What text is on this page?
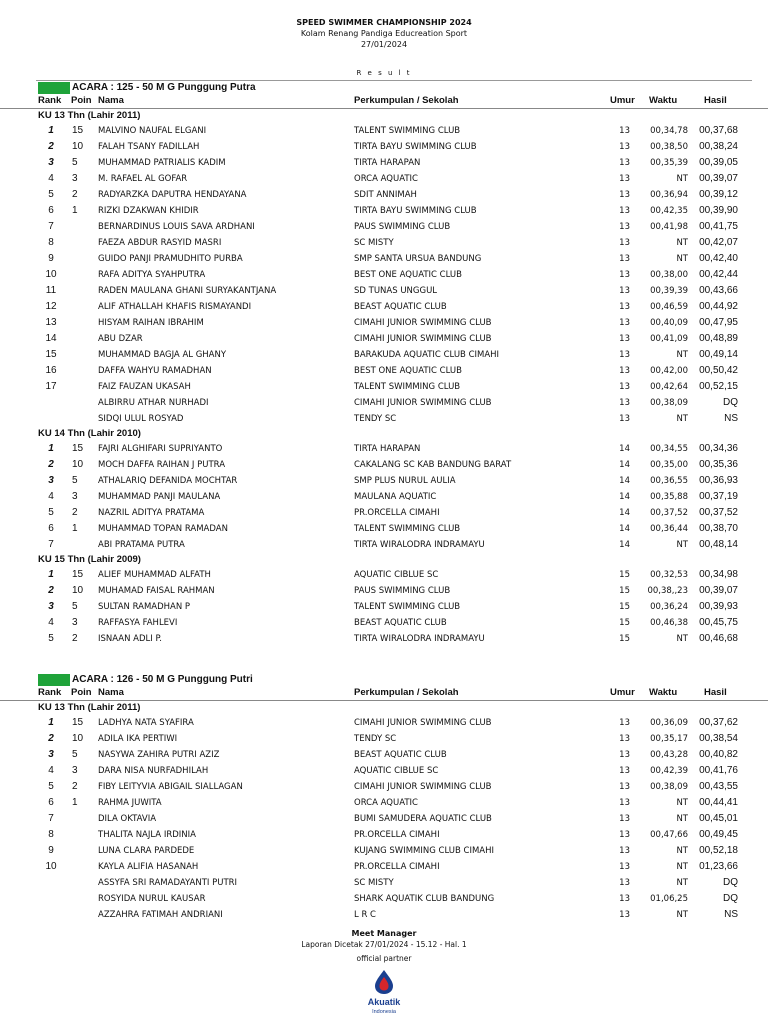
SPEED SWIMMER CHAMPIONSHIP 2024
Kolam Renang Pandiga Educreation Sport
27/01/2024
R e s u l t
ACARA : 125 - 50 M G Punggung Putra
Rank Poin Nama	Perkumpulan / Sekolah	Umur Waktu	Hasil
KU 13 Thn (Lahir 2011)
1	15	MALVINO NAUFAL ELGANI	TALENT SWIMMING CLUB	13	00,34,78	00,37,68
2	10	FALAH TSANY FADILLAH	TIRTA BAYU SWIMMING CLUB	13	00,38,50	00,38,24
3	5	MUHAMMAD PATRIALIS KADIM	TIRTA HARAPAN	13	00,35,39	00,39,05
4	3	M. RAFAEL AL GOFAR	ORCA AQUATIC	13	NT	00,39,07
5	2	RADYARZKA DAPUTRA HENDAYANA	SDIT ANNIMAH	13	00,36,94	00,39,12
6	1	RIZKI DZAKWAN KHIDIR	TIRTA BAYU SWIMMING CLUB	13	00,42,35	00,39,90
7	BERNARDINUS LOUIS SAVA ARDHANI	PAUS SWIMMING CLUB	13	00,41,98	00,41,75
8	FAEZA ABDUR RASYID MASRI	SC MISTY	13	NT	00,42,07
9	GUIDO PANJI PRAMUDHITO PURBA	SMP SANTA URSUA BANDUNG	13	NT	00,42,40
10	RAFA ADITYA SYAHPUTRA	BEST ONE AQUATIC CLUB	13	00,38,00	00,42,44
11	RADEN MAULANA GHANI SURYAKANTJANA	SD TUNAS UNGGUL	13	00,39,39	00,43,66
12	ALIF ATHALLAH KHAFIS RISMAYANDI	BEAST AQUATIC CLUB	13	00,46,59	00,44,92
13	HISYAM RAIHAN IBRAHIM	CIMAHI JUNIOR SWIMMING CLUB	13	00,40,09	00,47,95
14	ABU DZAR	CIMAHI JUNIOR SWIMMING CLUB	13	00,41,09	00,48,89
15	MUHAMMAD BAGJA AL GHANY	BARAKUDA AQUATIC CLUB CIMAHI	13	NT	00,49,14
16	DAFFA WAHYU RAMADHAN	BEST ONE AQUATIC CLUB	13	00,42,00	00,50,42
17	FAIZ FAUZAN UKASAH	TALENT SWIMMING CLUB	13	00,42,64	00,52,15
ALBIRRU ATHAR NURHADI	CIMAHI JUNIOR SWIMMING CLUB	13	00,38,09	DQ
SIDQI ULUL ROSYAD	TENDY SC	13	NT	NS
KU 14 Thn (Lahir 2010)
1	15	FAJRI ALGHIFARI SUPRIYANTO	TIRTA HARAPAN	14	00,34,55	00,34,36
2	10	MOCH DAFFA RAIHAN J PUTRA	CAKALANG SC KAB BANDUNG BARAT	14	00,35,00	00,35,36
3	5	ATHALARIQ DEFANIDA MOCHTAR	SMP PLUS NURUL AULIA	14	00,36,55	00,36,93
4	3	MUHAMMAD PANJI MAULANA	MAULANA AQUATIC	14	00,35,88	00,37,19
5	2	NAZRIL ADITYA PRATAMA	PR.ORCELLA CIMAHI	14	00,37,52	00,37,52
6	1	MUHAMMAD TOPAN RAMADAN	TALENT SWIMMING CLUB	14	00,36,44	00,38,70
7	ABI PRATAMA PUTRA	TIRTA WIRALODRA INDRAMAYU	14	NT	00,48,14
KU 15 Thn (Lahir 2009)
1	15	ALIEF MUHAMMAD ALFATH	AQUATIC CIBLUE SC	15	00,32,53	00,34,98
2	10	MUHAMAD FAISAL RAHMAN	PAUS SWIMMING CLUB	15	00,38,,23	00,39,07
3	5	SULTAN RAMADHAN P	TALENT SWIMMING CLUB	15	00,36,24	00,39,93
4	3	RAFFASYA FAHLEVI	BEAST AQUATIC CLUB	15	00,46,38	00,45,75
5	2	ISNAAN ADLI P.	TIRTA WIRALODRA INDRAMAYU	15	NT	00,46,68
ACARA : 126 - 50 M G Punggung Putri
Rank Poin Nama	Perkumpulan / Sekolah	Umur Waktu	Hasil
KU 13 Thn (Lahir 2011)
1	15	LADHYA NATA SYAFIRA	CIMAHI JUNIOR SWIMMING CLUB	13	00,36,09	00,37,62
2	10	ADILA IKA PERTIWI	TENDY SC	13	00,35,17	00,38,54
3	5	NASYWA ZAHIRA PUTRI AZIZ	BEAST AQUATIC CLUB	13	00,43,28	00,40,82
4	3	DARA NISA NURFADHILAH	AQUATIC CIBLUE SC	13	00,42,39	00,41,76
5	2	FIBY LEITYVIA ABIGAIL SIALLAGAN	CIMAHI JUNIOR SWIMMING CLUB	13	00,38,09	00,43,55
6	1	RAHMA JUWITA	ORCA AQUATIC	13	NT	00,44,41
7	DILA OKTAVIA	BUMI SAMUDERA AQUATIC CLUB	13	NT	00,45,01
8	THALITA NAJLA IRDINIA	PR.ORCELLA CIMAHI	13	00,47,66	00,49,45
9	LUNA CLARA PARDEDE	KUJANG SWIMMING CLUB CIMAHI	13	NT	00,52,18
10	KAYLA ALIFIA HASANAH	PR.ORCELLA CIMAHI	13	NT	01,23,66
ASSYFA SRI RAMADAYANTI PUTRI	SC MISTY	13	NT	DQ
ROSYIDA NURUL KAUSAR	SHARK AQUATIK CLUB BANDUNG	13	01,06,25	DQ
AZZAHRA FATIMAH ANDRIANI	L R C	13	NT	NS
Meet Manager
Laporan Dicetak 27/01/2024 - 15.12 - Hal. 1
official partner
Akuatik
Indonesia
